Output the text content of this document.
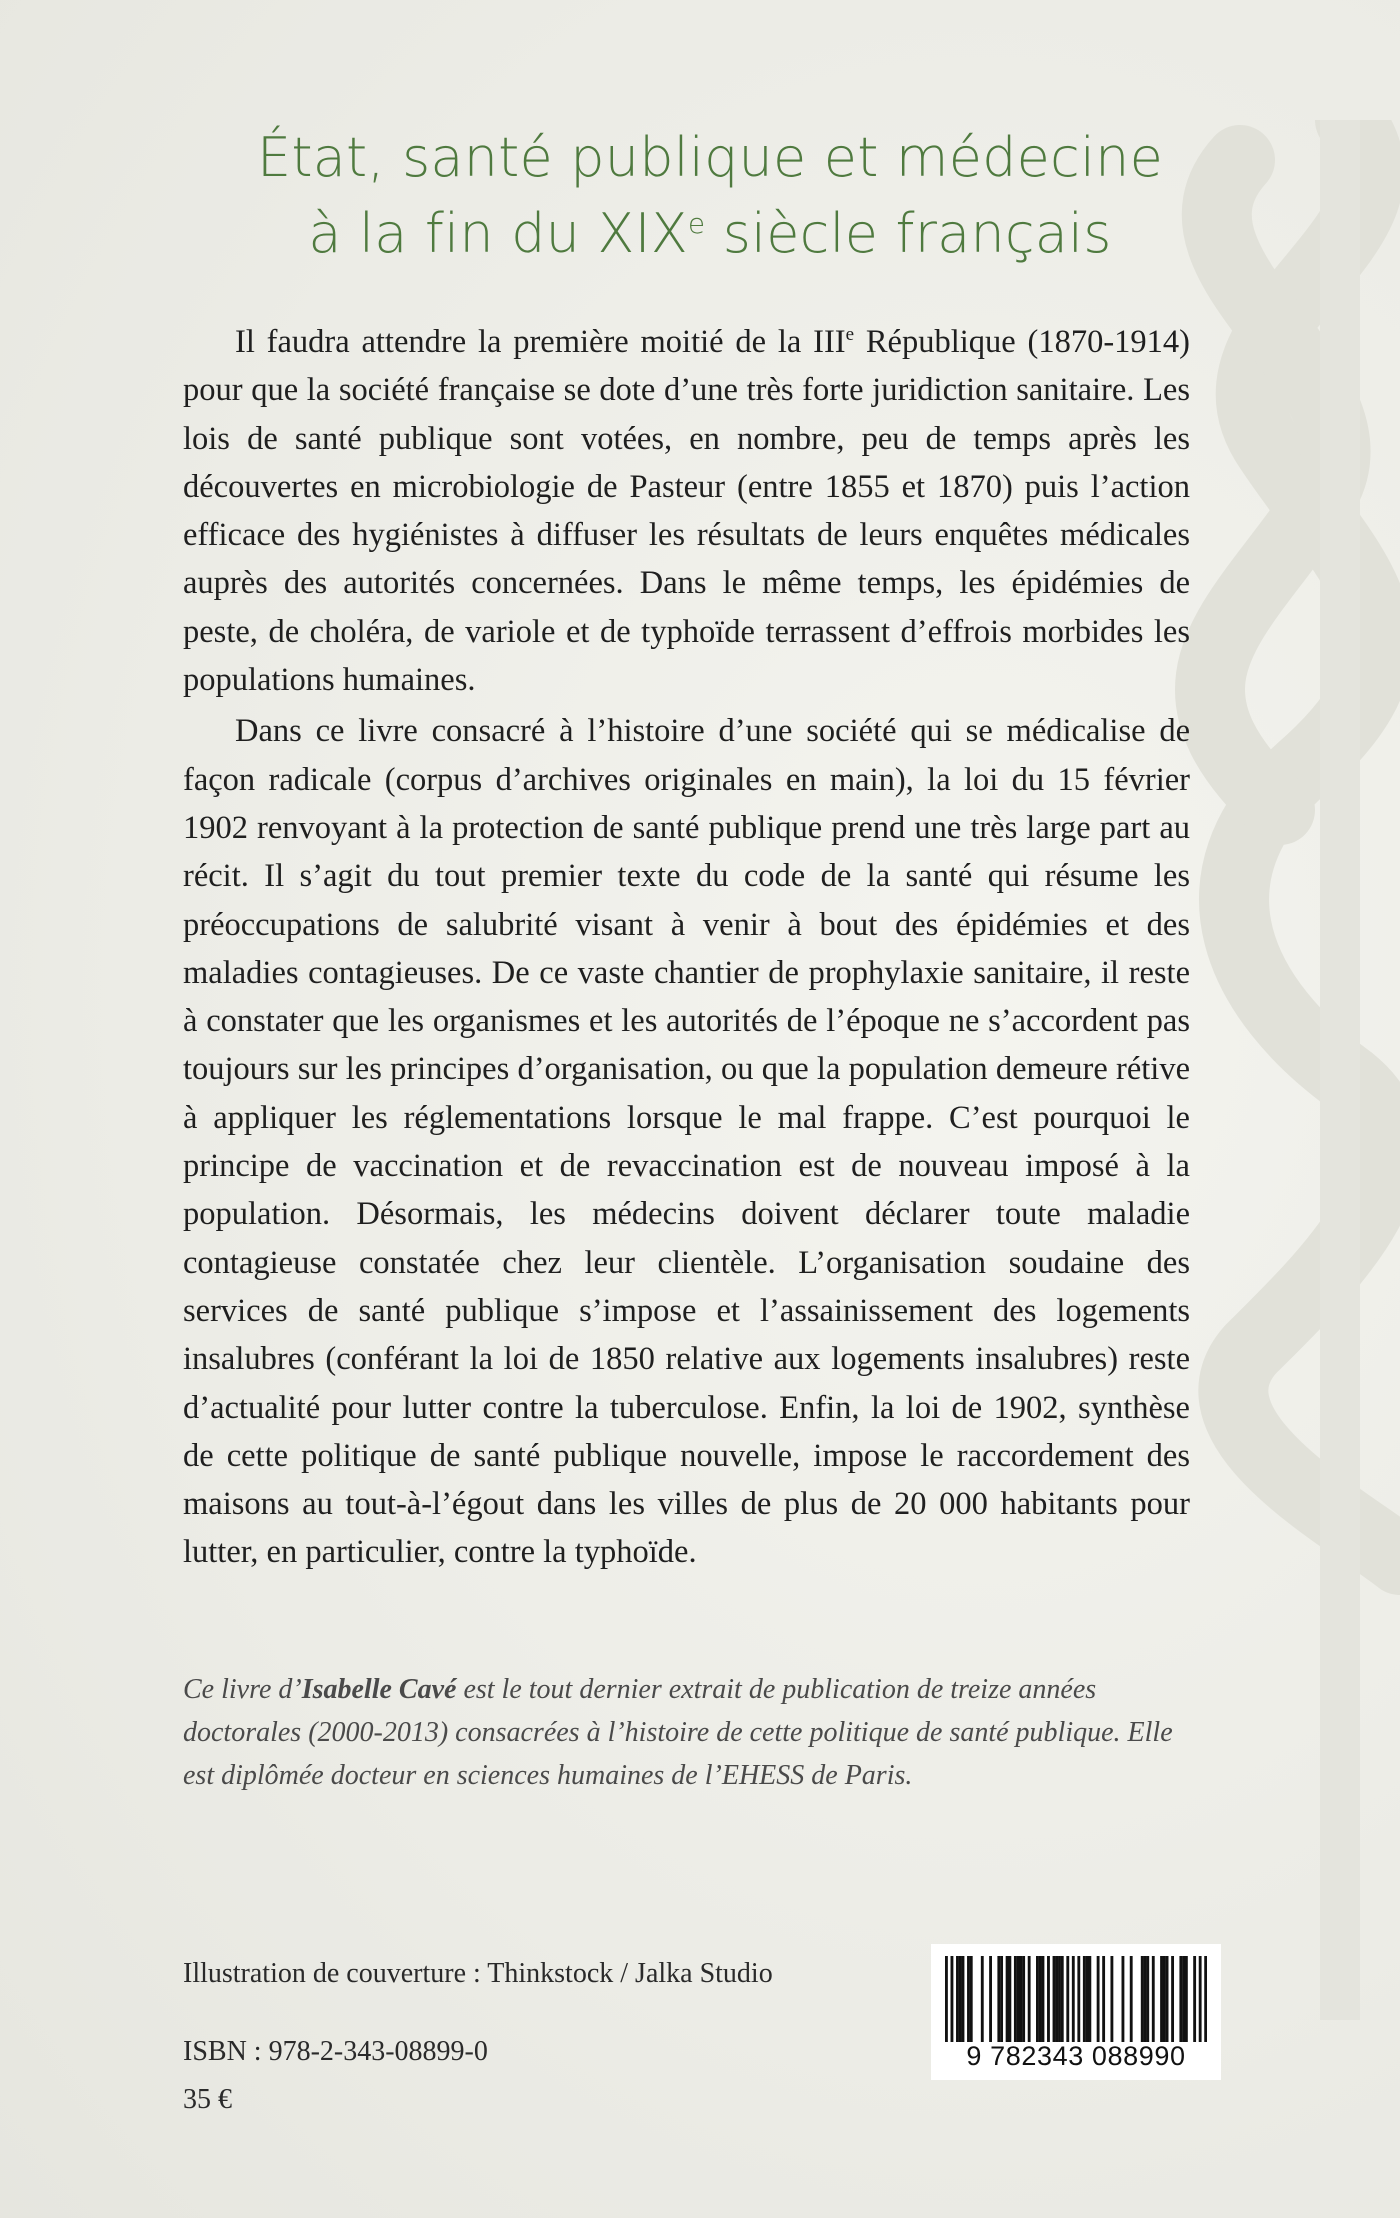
État, santé publique et médecine
à la fin du XIXe siècle français

Il faudra attendre la première moitié de la IIIe République (1870-1914) pour que la société française se dote d’une très forte juridiction sanitaire. Les lois de santé publique sont votées, en nombre, peu de temps après les découvertes en microbiologie de Pasteur (entre 1855 et 1870) puis l’action efficace des hygiénistes à diffuser les résultats de leurs enquêtes médicales auprès des autorités concernées. Dans le même temps, les épidémies de peste, de choléra, de variole et de typhoïde terrassent d’effrois morbides les populations humaines.

Dans ce livre consacré à l’histoire d’une société qui se médicalise de façon radicale (corpus d’archives originales en main), la loi du 15 février 1902 renvoyant à la protection de santé publique prend une très large part au récit. Il s’agit du tout premier texte du code de la santé qui résume les préoccupations de salubrité visant à venir à bout des épidémies et des maladies contagieuses. De ce vaste chantier de prophylaxie sanitaire, il reste à constater que les organismes et les autorités de l’époque ne s’accordent pas toujours sur les principes d’organisation, ou que la population demeure rétive à appliquer les réglementations lorsque le mal frappe. C’est pourquoi le principe de vaccination et de revaccination est de nouveau imposé à la population. Désormais, les médecins doivent déclarer toute maladie contagieuse constatée chez leur clientèle. L’organisation soudaine des services de santé publique s’impose et l’assainissement des logements insalubres (conférant la loi de 1850 relative aux logements insalubres) reste d’actualité pour lutter contre la tuberculose. Enfin, la loi de 1902, synthèse de cette politique de santé publique nouvelle, impose le raccordement des maisons au tout-à-l’égout dans les villes de plus de 20 000 habitants pour lutter, en particulier, contre la typhoïde.

Ce livre d’Isabelle Cavé est le tout dernier extrait de publication de treize années doctorales (2000-2013) consacrées à l’histoire de cette politique de santé publique. Elle est diplômée docteur en sciences humaines de l’EHESS de Paris.
Illustration de couverture : Thinkstock / Jalka Studio
ISBN : 978-2-343-08899-0
35 €
9 782343 088990
